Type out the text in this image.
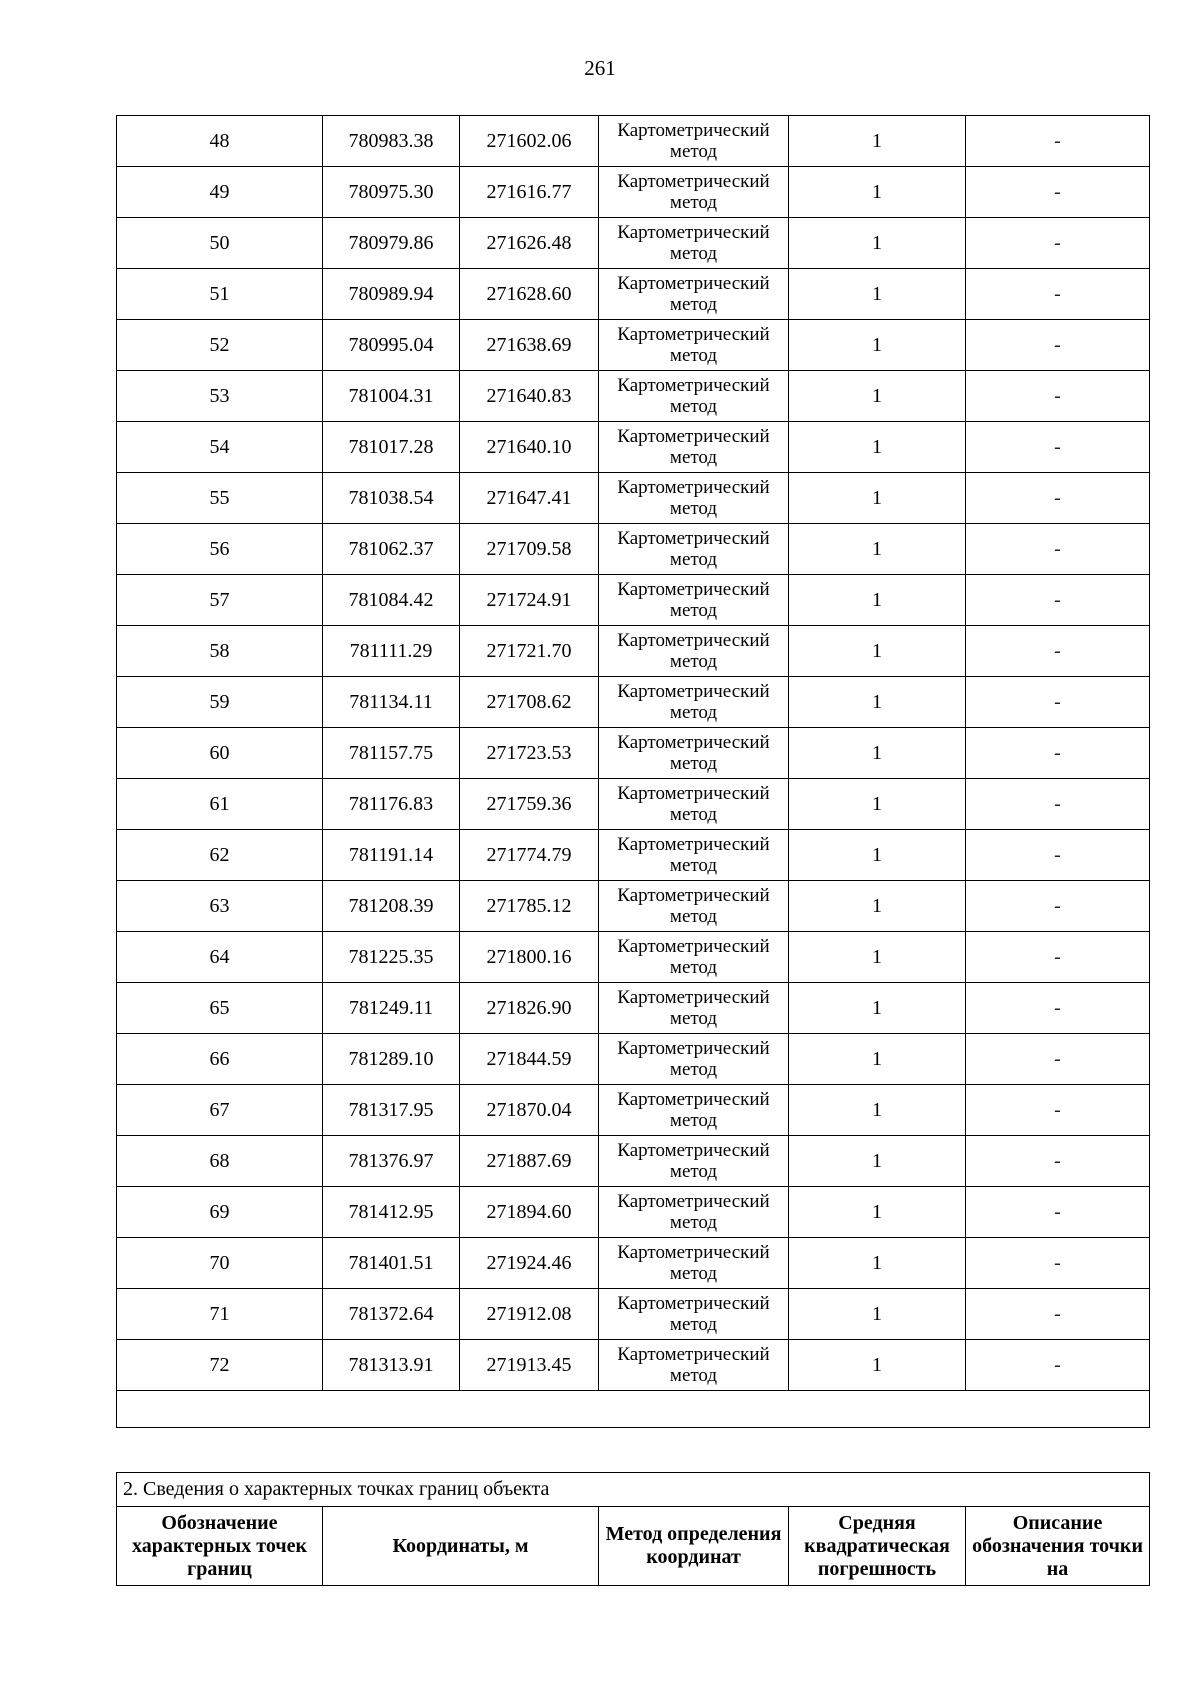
261
48	780983.38	271602.06	Картометрический метод	1	-
49	780975.30	271616.77	Картометрический метод	1	-
50	780979.86	271626.48	Картометрический метод	1	-
51	780989.94	271628.60	Картометрический метод	1	-
52	780995.04	271638.69	Картометрический метод	1	-
53	781004.31	271640.83	Картометрический метод	1	-
54	781017.28	271640.10	Картометрический метод	1	-
55	781038.54	271647.41	Картометрический метод	1	-
56	781062.37	271709.58	Картометрический метод	1	-
57	781084.42	271724.91	Картометрический метод	1	-
58	781111.29	271721.70	Картометрический метод	1	-
59	781134.11	271708.62	Картометрический метод	1	-
60	781157.75	271723.53	Картометрический метод	1	-
61	781176.83	271759.36	Картометрический метод	1	-
62	781191.14	271774.79	Картометрический метод	1	-
63	781208.39	271785.12	Картометрический метод	1	-
64	781225.35	271800.16	Картометрический метод	1	-
65	781249.11	271826.90	Картометрический метод	1	-
66	781289.10	271844.59	Картометрический метод	1	-
67	781317.95	271870.04	Картометрический метод	1	-
68	781376.97	271887.69	Картометрический метод	1	-
69	781412.95	271894.60	Картометрический метод	1	-
70	781401.51	271924.46	Картометрический метод	1	-
71	781372.64	271912.08	Картометрический метод	1	-
72	781313.91	271913.45	Картометрический метод	1	-

2. Сведения о характерных точках границ объекта
Обозначение характерных точек границ	Координаты, м	Метод определения координат	Средняя квадратическая погрешность	Описание обозначения точки на
